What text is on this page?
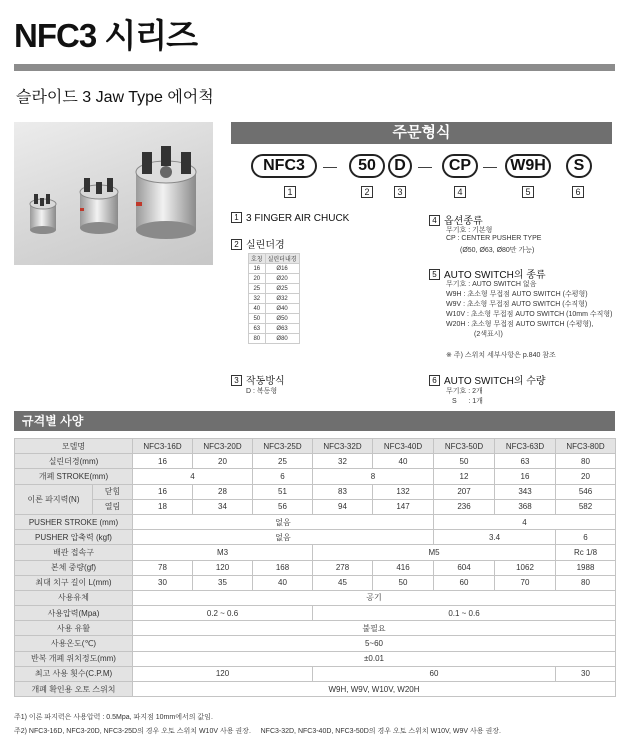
NFC3 시리즈
슬라이드 3 Jaw Type 에어척
주문형식
NFC3	—	50	D —	CP — W9H	S
1	2	3	4	5	6
1 3 FINGER AIR CHUCK
2 실린더경
호칭	실린더내경
16	Ø16
20	Ø20
25	Ø25
32	Ø32
40	Ø40
50	Ø50
63	Ø63
80	Ø80
3 작동방식
D : 복동형
4 옵션종류
무기호 : 기본형
CP : CENTER PUSHER TYPE
(Ø50, Ø63, Ø80만 가능)
5 AUTO SWITCH의 종류
무기호 : AUTO SWITCH 없음
W9H : 초소형 무접점 AUTO SWITCH (수평형)
W9V : 초소형 무접점 AUTO SWITCH (수직형)
W10V : 초소형 무접점 AUTO SWITCH (10mm 수직형)
W20H : 초소형 무접점 AUTO SWITCH (수평형),
(2색표시)
※ 주) 스위치 세부사항은 p.840 참조
6 AUTO SWITCH의 수량
무기호 : 2개
S      : 1개
규격별 사양
모델명		NFC3-16D	NFC3-20D	NFC3-25D	NFC3-32D	NFC3-40D	NFC3-50D	NFC3-63D	NFC3-80D
실린더경(mm)		16	20	25	32	40	50	63	80
개폐 STROKE(mm)		4		6	8		12	16	20
이론 파지력(N)	닫힘	16	28	51	83	132	207	343	546
	열림	18	34	56	94	147	236	368	582
PUSHER STROKE (mm)		없음					4		
PUSHER 압축력 (kgf)		없음					3.4		6
배관 접속구		M3			M5				Rc 1/8
본체 중량(gf)		78	120	168	278	416	604	1062	1988
최대 치구 길이 L(mm)		30	35	40	45	50	60	70	80
사용유체		공기							
사용압력(Mpa)		0.2 ~ 0.6			0.1 ~ 0.6				
사용 유활		불필요							
사용온도(℃)		5~60							
반복 개폐 위치정도(mm)		±0.01							
최고 사용 횟수(C.P.M)		120			60				30
개폐 확인용 오토 스위치		W9H, W9V, W10V, W20H							
주1) 이론 파지력은 사용압력 : 0.5Mpa, 파지점 10mm에서의 값임.
주2) NFC3-16D, NFC3-20D, NFC3-25D의 경우 오토 스위치 W10V 사용 권장.     NFC3-32D, NFC3-40D, NFC3-50D의 경우 오토 스위치 W10V, W9V 사용 권장.
